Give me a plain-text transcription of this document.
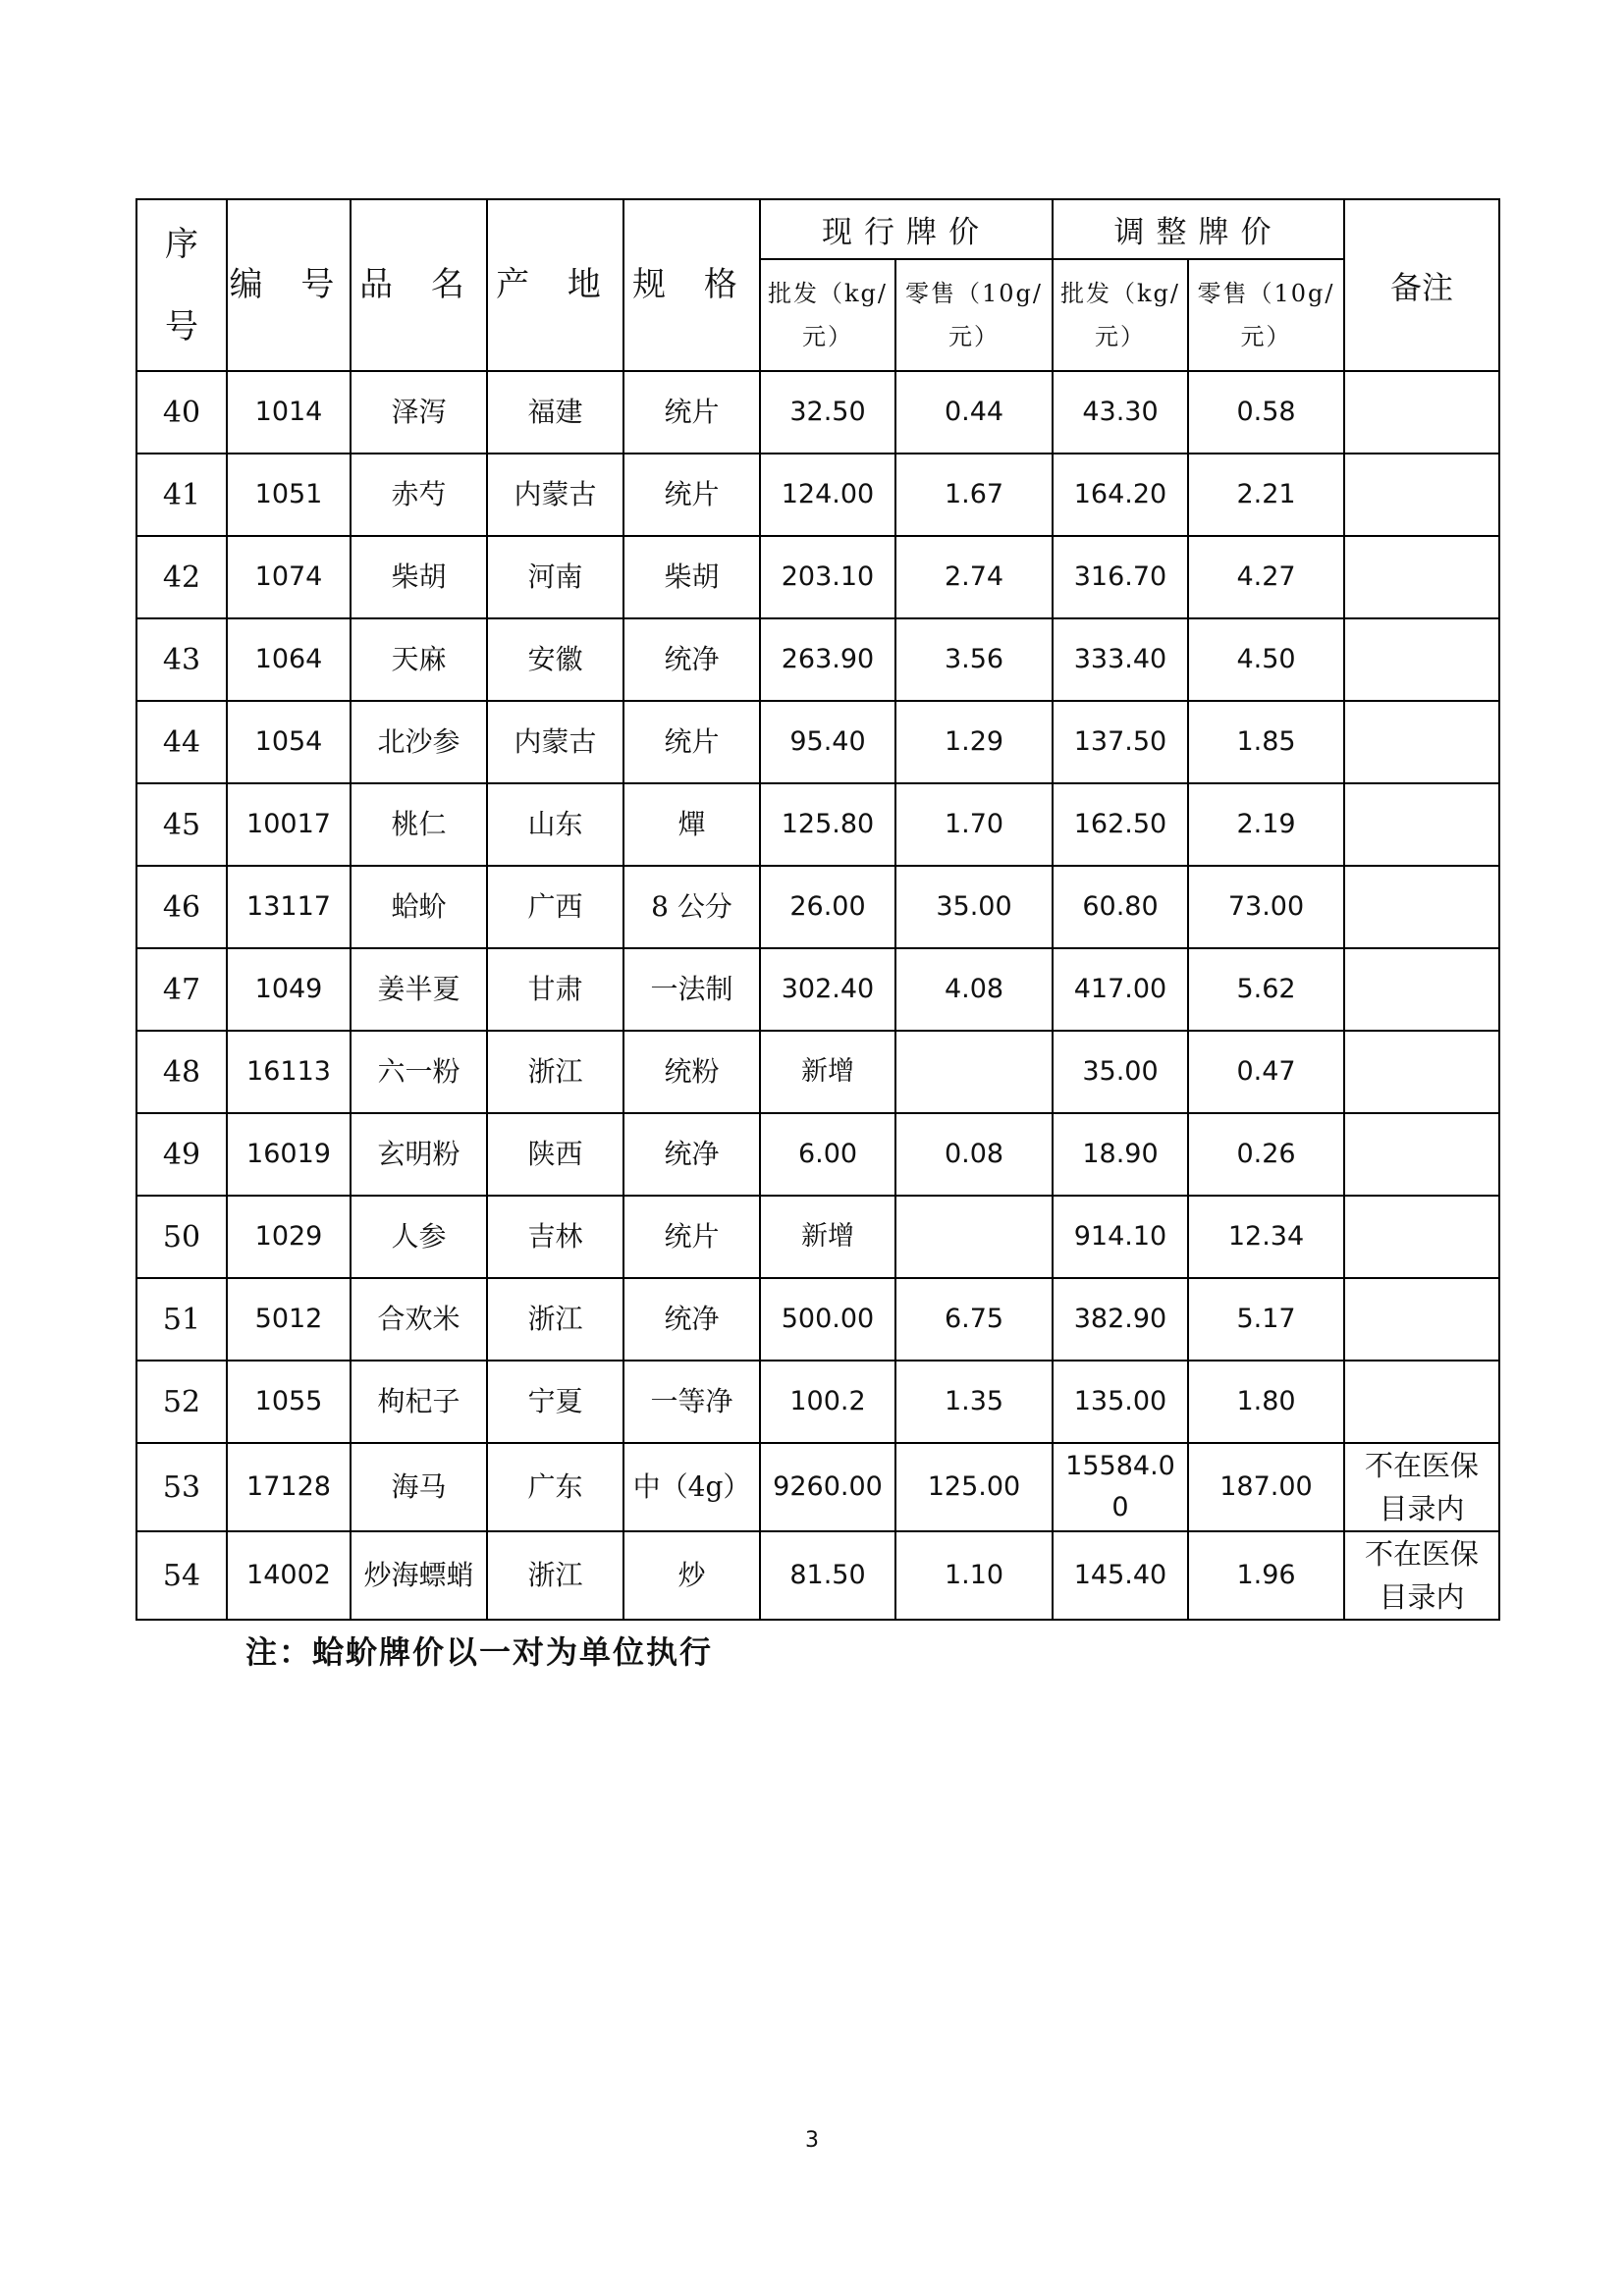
序号	编 号	品 名	产 地	规 格	现行牌价		调整牌价		备注
					批发（kg/元）	零售（10g/元）	批发（kg/元）	零售（10g/元）	
40	1014	泽泻	福建	统片	32.50	0.44	43.30	0.58	
41	1051	赤芍	内蒙古	统片	124.00	1.67	164.20	2.21	
42	1074	柴胡	河南	柴胡	203.10	2.74	316.70	4.27	
43	1064	天麻	安徽	统净	263.90	3.56	333.40	4.50	
44	1054	北沙参	内蒙古	统片	95.40	1.29	137.50	1.85	
45	10017	桃仁	山东	燀	125.80	1.70	162.50	2.19	
46	13117	蛤蚧	广西	8 公分	26.00	35.00	60.80	73.00	
47	1049	姜半夏	甘肃	一法制	302.40	4.08	417.00	5.62	
48	16113	六一粉	浙江	统粉	新增		35.00	0.47	
49	16019	玄明粉	陕西	统净	6.00	0.08	18.90	0.26	
50	1029	人参	吉林	统片	新增		914.10	12.34	
51	5012	合欢米	浙江	统净	500.00	6.75	382.90	5.17	
52	1055	枸杞子	宁夏	一等净	100.2	1.35	135.00	1.80	
53	17128	海马	广东	中（4g）	9260.00	125.00	15584.00	187.00	不在医保目录内
54	14002	炒海螵蛸	浙江	炒	81.50	1.10	145.40	1.96	不在医保目录内
注：蛤蚧牌价以一对为单位执行
3
